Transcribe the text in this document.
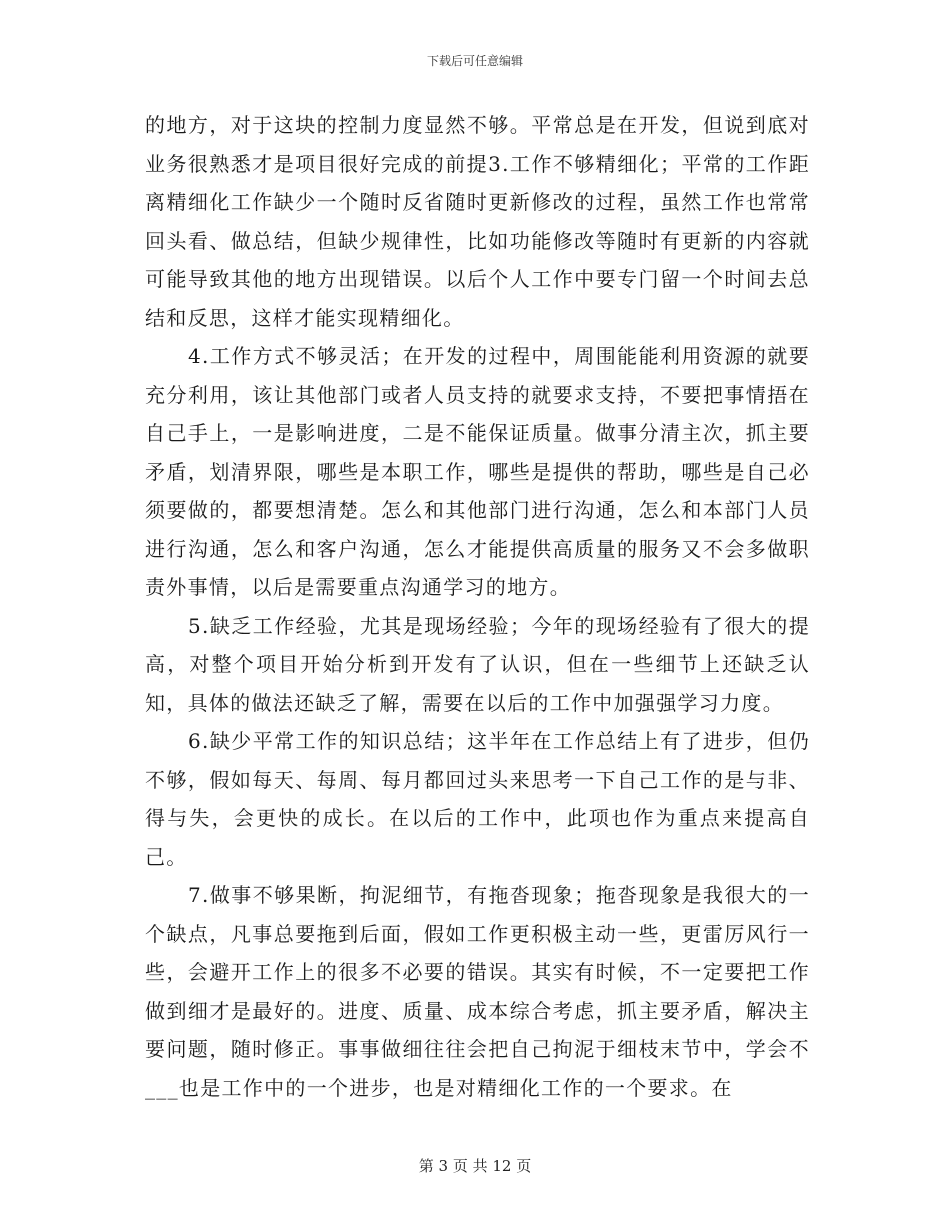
下载后可任意编辑

的地方，对于这块的控制力度显然不够。平常总是在开发，但说到底对业务很熟悉才是项目很好完成的前提3.工作不够精细化；平常的工作距离精细化工作缺少一个随时反省随时更新修改的过程，虽然工作也常常回头看、做总结，但缺少规律性，比如功能修改等随时有更新的内容就可能导致其他的地方出现错误。以后个人工作中要专门留一个时间去总结和反思，这样才能实现精细化。

4.工作方式不够灵活；在开发的过程中，周围能能利用资源的就要充分利用，该让其他部门或者人员支持的就要求支持，不要把事情捂在自己手上，一是影响进度，二是不能保证质量。做事分清主次，抓主要矛盾，划清界限，哪些是本职工作，哪些是提供的帮助，哪些是自己必须要做的，都要想清楚。怎么和其他部门进行沟通，怎么和本部门人员进行沟通，怎么和客户沟通，怎么才能提供高质量的服务又不会多做职责外事情，以后是需要重点沟通学习的地方。

5.缺乏工作经验，尤其是现场经验；今年的现场经验有了很大的提高，对整个项目开始分析到开发有了认识，但在一些细节上还缺乏认知，具体的做法还缺乏了解，需要在以后的工作中加强强学习力度。

6.缺少平常工作的知识总结；这半年在工作总结上有了进步，但仍不够，假如每天、每周、每月都回过头来思考一下自己工作的是与非、得与失，会更快的成长。在以后的工作中，此项也作为重点来提高自己。

7.做事不够果断，拘泥细节，有拖沓现象；拖沓现象是我很大的一个缺点，凡事总要拖到后面，假如工作更积极主动一些，更雷厉风行一些，会避开工作上的很多不必要的错误。其实有时候，不一定要把工作做到细才是最好的。进度、质量、成本综合考虑，抓主要矛盾，解决主要问题，随时修正。事事做细往往会把自己拘泥于细枝末节中，学会不___也是工作中的一个进步，也是对精细化工作的一个要求。在

第 3 页 共 12 页
